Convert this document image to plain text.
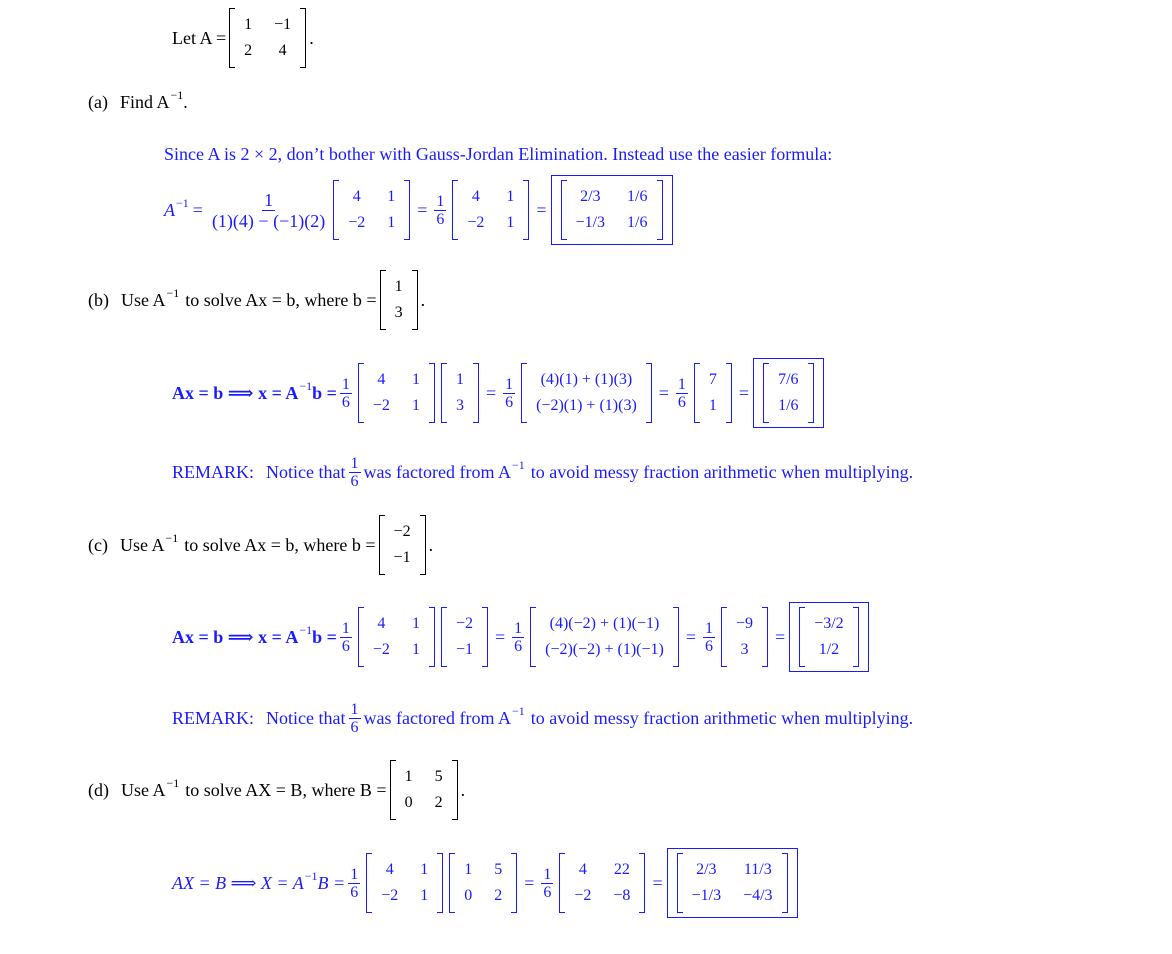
Let A =
1 −1
2 4
.
(a) Find $A^{-1}$ .
Since A is 2 × 2, don’t bother with Gauss-Jordan Elimination. Instead use the easier formula:
$A^{-1} = \frac{1}{(1)(4) - (-1)(2)} 4$ 1
−2 1
= $\frac{1}{6} 4$ 1
−2 1
=
2/3 1/6
−1/3 1/6
(b) Use $A^{-1}$ to solve Ax = b, where b =
1
3
.
Ax = b ⟹ $x = A^{-1}$ $b = \frac{1}{6} 4$ 1
−2 1
1
3
= $\frac{1}{6} (4)(1) + (1)(3)$
(−2)(1) + (1)(3)
= $\frac{1}{6} 7$
1
=
7/6
1/6
REMARK: Notice that $\frac{1}{6}$ was factored from $A^{-1}$ to avoid messy fraction arithmetic when multiplying.
(c) Use $A^{-1}$ to solve Ax = b, where b =
−2
−1
.
Ax = b ⟹ $x = A^{-1}$ $b = \frac{1}{6} 4$ 1
−2 1
−2
−1
= $\frac{1}{6} (4)(-2) + (1)(-1)$
(−2)(−2) + (1)(−1)
= $\frac{1}{6} -9$
3
=
−3/2
1/2
REMARK: Notice that $\frac{1}{6}$ was factored from $A^{-1}$ to avoid messy fraction arithmetic when multiplying.
(d) Use $A^{-1}$ to solve AX = B, where B =
1 5
0 2
.
AX = B ⟹ $X = A^{-1}$ $B = \frac{1}{6} 4$ 1
−2 1
1 5
0 2
= $\frac{1}{6} 4$ 22
−2 −8
=
2/3 11/3
−1/3 −4/3
